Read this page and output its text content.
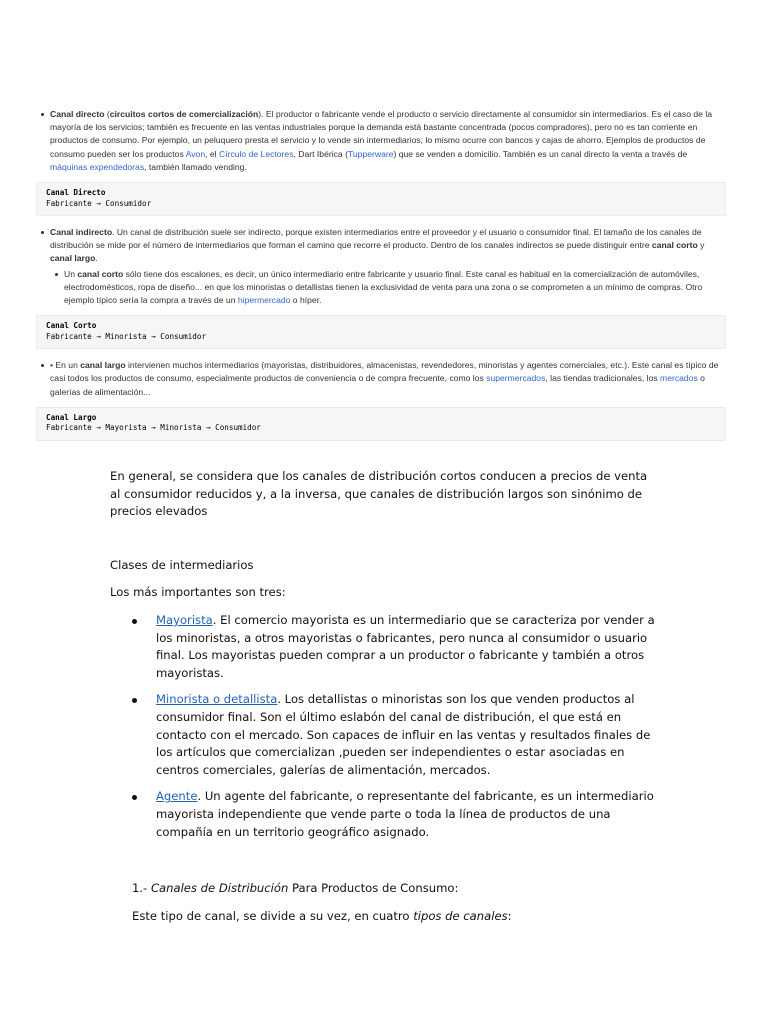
Canal directo (circuitos cortos de comercialización). El productor o fabricante vende el producto o servicio directamente al consumidor sin intermediarios. Es el caso de la mayoría de los servicios; también es frecuente en las ventas industriales porque la demanda está bastante concentrada (pocos compradores), pero no es tan corriente en productos de consumo. Por ejemplo, un peluquero presta el servicio y lo vende sin intermediarios; lo mismo ocurre con bancos y cajas de ahorro. Ejemplos de productos de consumo pueden ser los productos Avon, el Círculo de Lectores, Dart Ibérica (Tupperware) que se venden a domicilio. También es un canal directo la venta a través de máquinas expendedoras, también llamado vending.

Canal Directo
Fabricante → Consumidor

Canal indirecto. Un canal de distribución suele ser indirecto, porque existen intermediarios entre el proveedor y el usuario o consumidor final. El tamaño de los canales de distribución se mide por el número de intermediarios que forman el camino que recorre el producto. Dentro de los canales indirectos se puede distinguir entre canal corto y canal largo.

Un canal corto sólo tiene dos escalones, es decir, un único intermediario entre fabricante y usuario final. Este canal es habitual en la comercialización de automóviles, electrodomésticos, ropa de diseño... en que los minoristas o detallistas tienen la exclusividad de venta para una zona o se comprometen a un mínimo de compras. Otro ejemplo típico sería la compra a través de un hipermercado o híper.

Canal Corto
Fabricante → Minorista → Consumidor

• En un canal largo intervienen muchos intermediarios (mayoristas, distribuidores, almacenistas, revendedores, minoristas y agentes comerciales, etc.). Este canal es típico de casi todos los productos de consumo, especialmente productos de conveniencia o de compra frecuente, como los supermercados, las tiendas tradicionales, los mercados o galerías de alimentación...

Canal Largo
Fabricante → Mayorista → Minorista → Consumidor

En general, se considera que los canales de distribución cortos conducen a precios de venta al consumidor reducidos y, a la inversa, que canales de distribución largos son sinónimo de precios elevados

Clases de intermediarios

Los más importantes son tres:

Mayorista. El comercio mayorista es un intermediario que se caracteriza por vender a los minoristas, a otros mayoristas o fabricantes, pero nunca al consumidor o usuario final. Los mayoristas pueden comprar a un productor o fabricante y también a otros mayoristas.
Minorista o detallista. Los detallistas o minoristas son los que venden productos al consumidor final. Son el último eslabón del canal de distribución, el que está en contacto con el mercado. Son capaces de influir en las ventas y resultados finales de los artículos que comercializan ,pueden ser independientes o estar asociadas en centros comerciales, galerías de alimentación, mercados.
Agente. Un agente del fabricante, o representante del fabricante, es un intermediario mayorista independiente que vende parte o toda la línea de productos de una compañía en un territorio geográfico asignado.

1.- Canales de Distribución Para Productos de Consumo:

Este tipo de canal, se divide a su vez, en cuatro tipos de canales:
